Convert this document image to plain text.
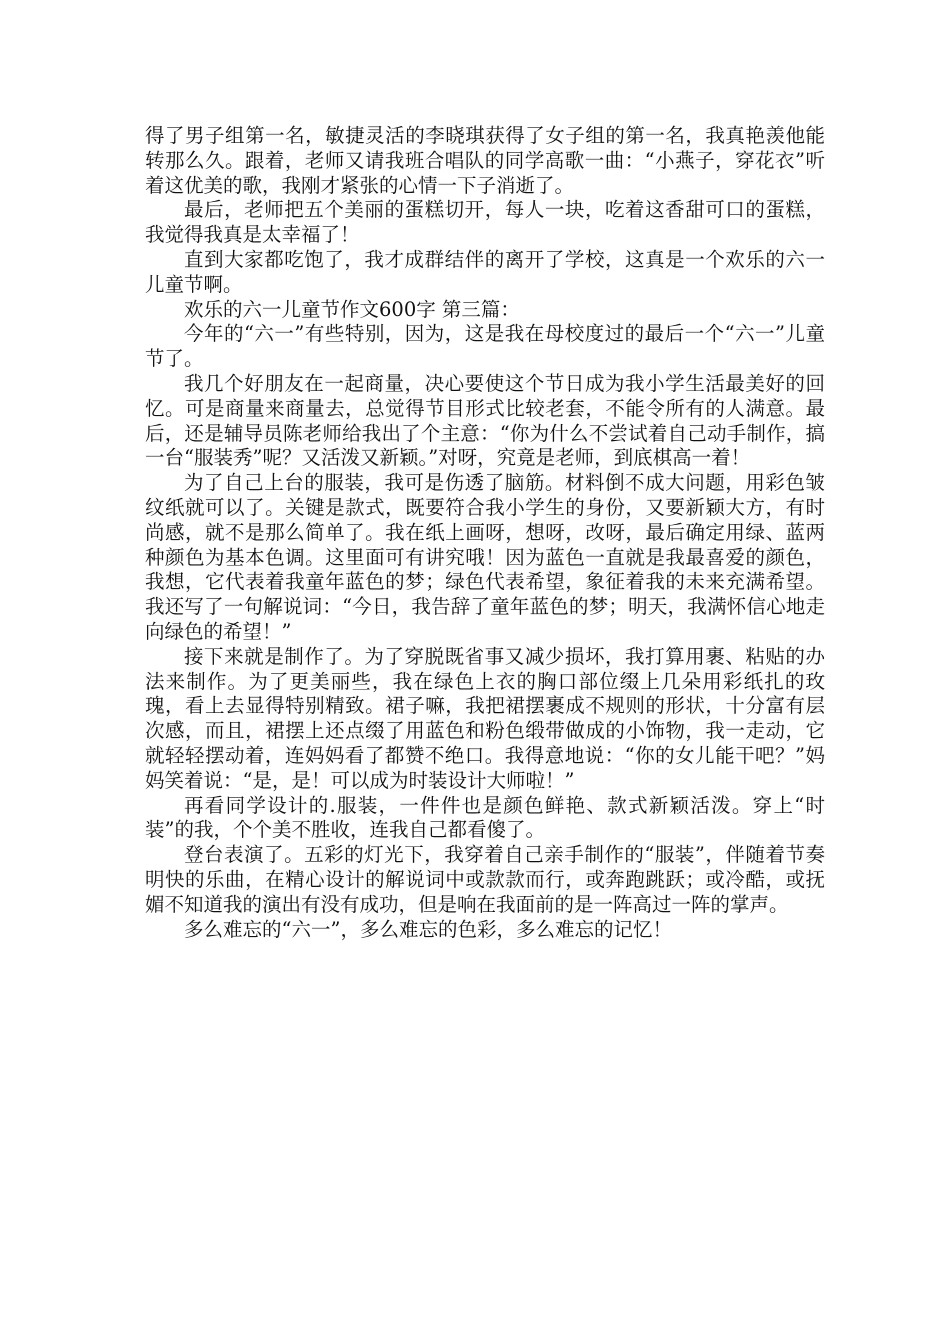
得了男子组第一名，敏捷灵活的李晓琪获得了女子组的第一名，我真艳羡他能转那么久。跟着，老师又请我班合唱队的同学高歌一曲：“小燕子，穿花衣”听着这优美的歌，我刚才紧张的心情一下子消逝了。

最后，老师把五个美丽的蛋糕切开，每人一块，吃着这香甜可口的蛋糕，我觉得我真是太幸福了！

直到大家都吃饱了，我才成群结伴的离开了学校，这真是一个欢乐的六一儿童节啊。

欢乐的六一儿童节作文600字 第三篇：

今年的“六一”有些特别，因为，这是我在母校度过的最后一个“六一”儿童节了。

我几个好朋友在一起商量，决心要使这个节日成为我小学生活最美好的回忆。可是商量来商量去，总觉得节目形式比较老套，不能令所有的人满意。最后，还是辅导员陈老师给我出了个主意：“你为什么不尝试着自己动手制作，搞一台“服装秀”呢？又活泼又新颖。”对呀，究竟是老师，到底棋高一着！

为了自己上台的服装，我可是伤透了脑筋。材料倒不成大问题，用彩色皱纹纸就可以了。关键是款式，既要符合我小学生的身份，又要新颖大方，有时尚感，就不是那么简单了。我在纸上画呀，想呀，改呀，最后确定用绿、蓝两种颜色为基本色调。这里面可有讲究哦！因为蓝色一直就是我最喜爱的颜色，我想，它代表着我童年蓝色的梦；绿色代表希望，象征着我的未来充满希望。我还写了一句解说词：“今日，我告辞了童年蓝色的梦；明天，我满怀信心地走向绿色的希望！”

接下来就是制作了。为了穿脱既省事又减少损坏，我打算用裹、粘贴的办法来制作。为了更美丽些，我在绿色上衣的胸口部位缀上几朵用彩纸扎的玫瑰，看上去显得特别精致。裙子嘛，我把裙摆裹成不规则的形状，十分富有层次感，而且，裙摆上还点缀了用蓝色和粉色缎带做成的小饰物，我一走动，它就轻轻摆动着，连妈妈看了都赞不绝口。我得意地说：“你的女儿能干吧？”妈妈笑着说：“是，是！可以成为时装设计大师啦！”

再看同学设计的.服装，一件件也是颜色鲜艳、款式新颖活泼。穿上“时装”的我，个个美不胜收，连我自己都看傻了。

登台表演了。五彩的灯光下，我穿着自己亲手制作的“服装”，伴随着节奏明快的乐曲，在精心设计的解说词中或款款而行，或奔跑跳跃；或冷酷，或抚媚不知道我的演出有没有成功，但是响在我面前的是一阵高过一阵的掌声。

多么难忘的“六一”，多么难忘的色彩，多么难忘的记忆！
